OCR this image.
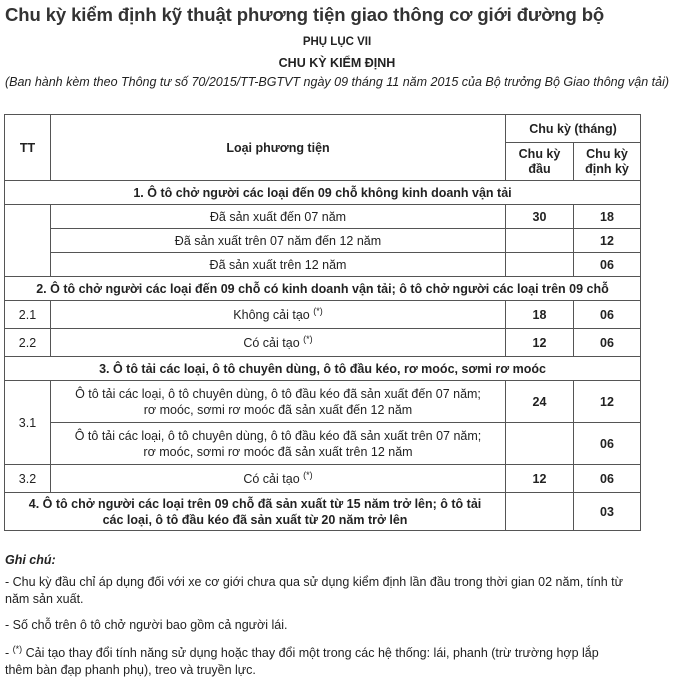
Chu kỳ kiểm định kỹ thuật phương tiện giao thông cơ giới đường bộ
PHỤ LỤC VII
CHU KỲ KIỂM ĐỊNH
(Ban hành kèm theo Thông tư số 70/2015/TT-BGTVT ngày 09 tháng 11 năm 2015 của Bộ trưởng Bộ Giao thông vận tải)
TT	Loại phương tiện	Chu kỳ (tháng)	
		Chu kỳ đầu	Chu kỳ định kỳ
1. Ô tô chở người các loại đến 09 chỗ không kinh doanh vận tải			
	Đã sản xuất đến 07 năm	30	18
	Đã sản xuất trên 07 năm đến 12 năm		12
	Đã sản xuất trên 12 năm		06
2. Ô tô chở người các loại đến 09 chỗ có kinh doanh vận tải; ô tô chở người các loại trên 09 chỗ			
2.1	Không cải tạo (*)	18	06
2.2	Có cải tạo (*)	12	06
3. Ô tô tải các loại, ô tô chuyên dùng, ô tô đầu kéo, rơ moóc, sơmi rơ moóc			
3.1	Ô tô tải các loại, ô tô chuyên dùng, ô tô đầu kéo đã sản xuất đến 07 năm;
rơ moóc, sơmi rơ moóc đã sản xuất đến 12 năm	24	12

	Ô tô tải các loại, ô tô chuyên dùng, ô tô đầu kéo đã sản xuất trên 07 năm;
rơ moóc, sơmi rơ moóc đã sản xuất trên 12 năm		06
3.2	Có cải tạo (*)	12	06

4. Ô tô chở người các loại trên 09 chỗ đã sản xuất từ 15 năm trở lên; ô tô tải
các loại, ô tô đầu kéo đã sản xuất từ 20 năm trở lên			03
Ghi chú:
- Chu kỳ đầu chỉ áp dụng đối với xe cơ giới chưa qua sử dụng kiểm định lần đầu trong thời gian 02 năm, tính từ
năm sản xuất.
- Số chỗ trên ô tô chở người bao gồm cả người lái.
- (*) Cải tạo thay đổi tính năng sử dụng hoặc thay đổi một trong các hệ thống: lái, phanh (trừ trường hợp lắp
thêm bàn đạp phanh phụ), treo và truyền lực.
